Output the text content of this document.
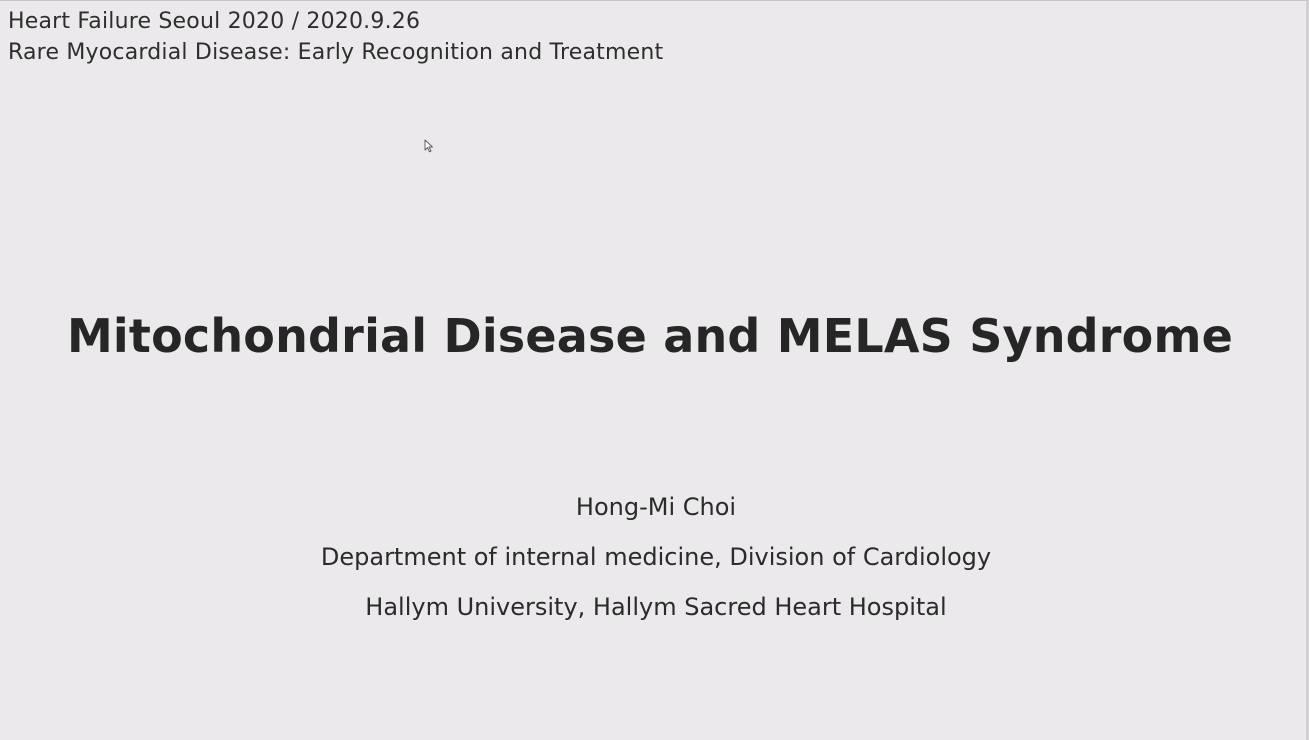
Heart Failure Seoul 2020 / 2020.9.26
Rare Myocardial Disease: Early Recognition and Treatment
Mitochondrial Disease and MELAS Syndrome
Hong-Mi Choi
Department of internal medicine, Division of Cardiology
Hallym University, Hallym Sacred Heart Hospital
